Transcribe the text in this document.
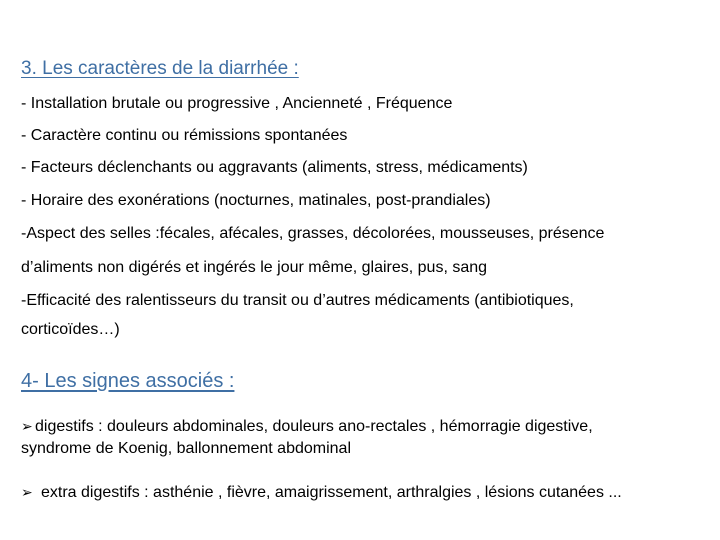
3. Les caractères de la diarrhée :

- Installation brutale ou progressive , Ancienneté , Fréquence

- Caractère continu ou rémissions spontanées

- Facteurs déclenchants ou aggravants (aliments, stress, médicaments)

- Horaire des exonérations (nocturnes, matinales, post-prandiales)

-Aspect des selles :fécales, afécales, grasses, décolorées, mousseuses, présence

d’aliments non digérés et ingérés le jour même, glaires, pus, sang

-Efficacité des ralentisseurs du transit ou d’autres médicaments (antibiotiques,

corticoïdes…)

4- Les signes associés :
➢ digestifs : douleurs abdominales, douleurs ano-rectales , hémorragie digestive,
syndrome de Koenig, ballonnement abdominal
➢ extra digestifs : asthénie , fièvre, amaigrissement, arthralgies , lésions cutanées ...
